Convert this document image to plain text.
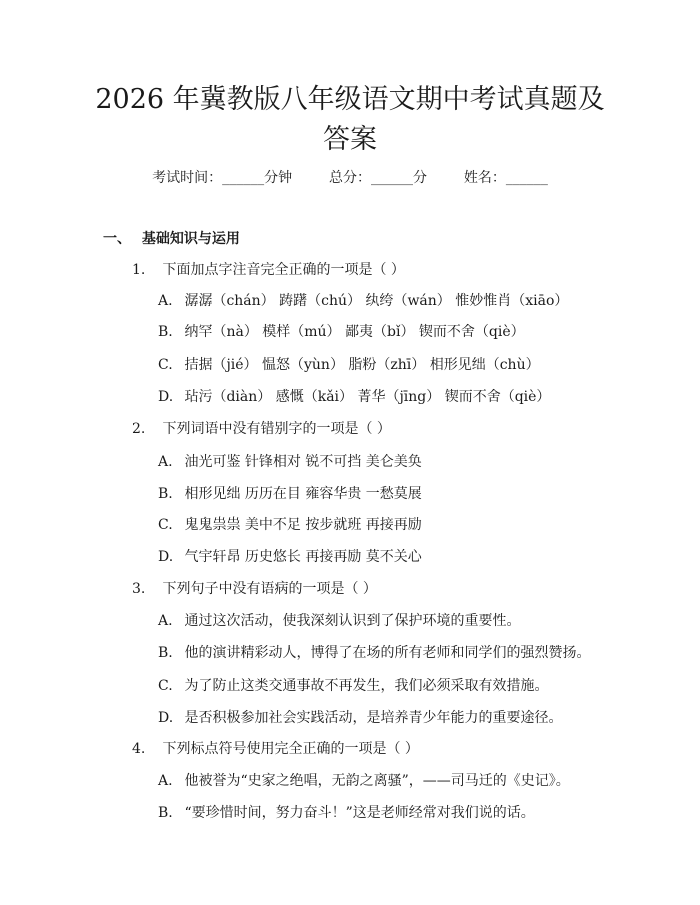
2026 年冀教版八年级语文期中考试真题及答案
考试时间：______分钟	总分：______分	姓名：______
一、 基础知识与运用
1. 下面加点字注音完全正确的一项是（ ）
A. 潺潺（chán） 踌躇（chú） 纨绔（wán） 惟妙惟肖（xiāo）
B. 纳罕（nà） 模样（mú） 鄙夷（bǐ） 锲而不舍（qiè）
C. 拮据（jié） 愠怒（yùn） 脂粉（zhī） 相形见绌（chù）
D. 玷污（diàn） 感慨（kǎi） 菁华（jīng） 锲而不舍（qiè）
2. 下列词语中没有错别字的一项是（ ）
A. 油光可鉴 针锋相对 锐不可挡 美仑美奂
B. 相形见绌 历历在目 雍容华贵 一愁莫展
C. 鬼鬼祟祟 美中不足 按步就班 再接再励
D. 气宇轩昂 历史悠长 再接再励 莫不关心
3. 下列句子中没有语病的一项是（ ）
A. 通过这次活动，使我深刻认识到了保护环境的重要性。
B. 他的演讲精彩动人，博得了在场的所有老师和同学们的强烈赞扬。
C. 为了防止这类交通事故不再发生，我们必须采取有效措施。
D. 是否积极参加社会实践活动，是培养青少年能力的重要途径。
4. 下列标点符号使用完全正确的一项是（ ）
A. 他被誉为“史家之绝唱，无韵之离骚”，——司马迁的《史记》。
B. “要珍惜时间，努力奋斗！”这是老师经常对我们说的话。
